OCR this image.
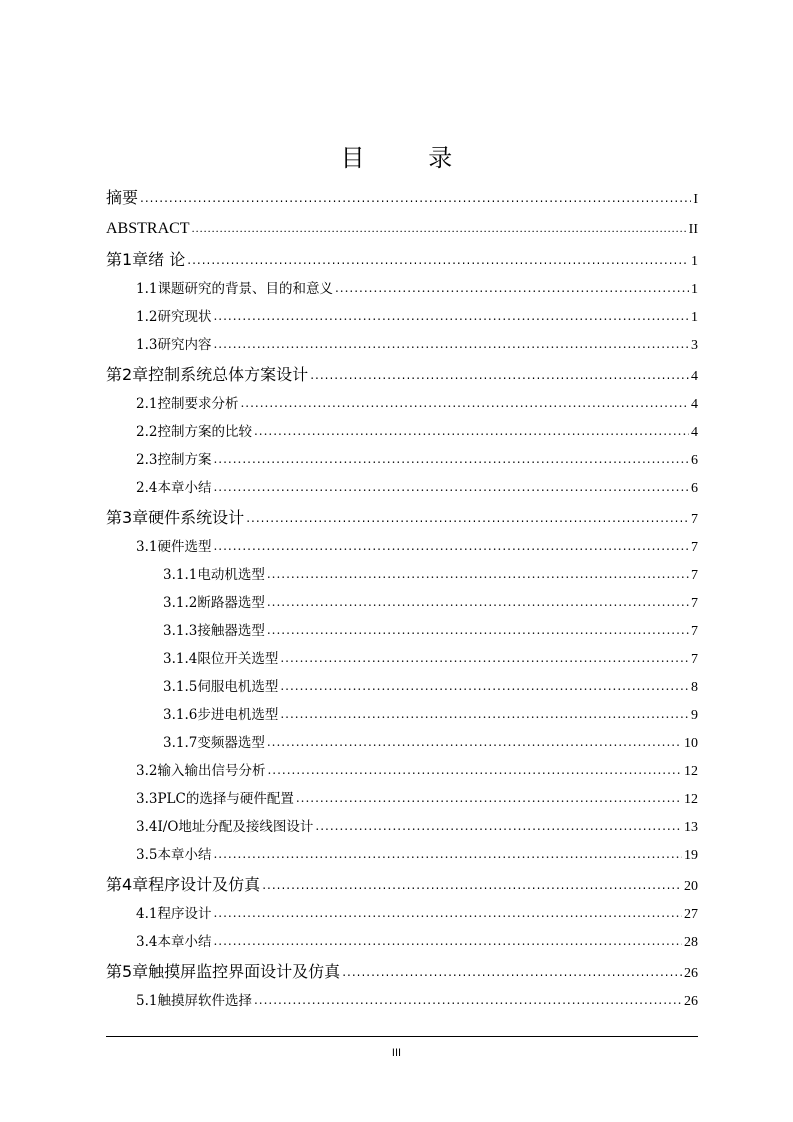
目 录
摘要 .....	I
ABSTRACT .....	II
第1章绪 论 .....	1
1.1课题研究的背景、目的和意义 .....	1
1.2研究现状 .....	1
1.3研究内容 .....	3
第2章控制系统总体方案设计 .....	4
2.1控制要求分析 .....	4
2.2控制方案的比较 .....	4
2.3控制方案 .....	6
2.4本章小结 .....	6
第3章硬件系统设计 .....	7
3.1硬件选型 .....	7
3.1.1电动机选型 .....	7
3.1.2断路器选型 .....	7
3.1.3接触器选型 .....	7
3.1.4限位开关选型 .....	7
3.1.5伺服电机选型 .....	8
3.1.6步进电机选型 .....	9
3.1.7变频器选型 .....	10
3.2输入输出信号分析 .....	12
3.3PLC的选择与硬件配置 .....	12
3.4I/O地址分配及接线图设计 .....	13
3.5本章小结 .....	19
第4章程序设计及仿真 .....	20
4.1程序设计 .....	27
3.4本章小结 .....	28
第5章触摸屏监控界面设计及仿真 .....	26
5.1触摸屏软件选择 .....	26
III
